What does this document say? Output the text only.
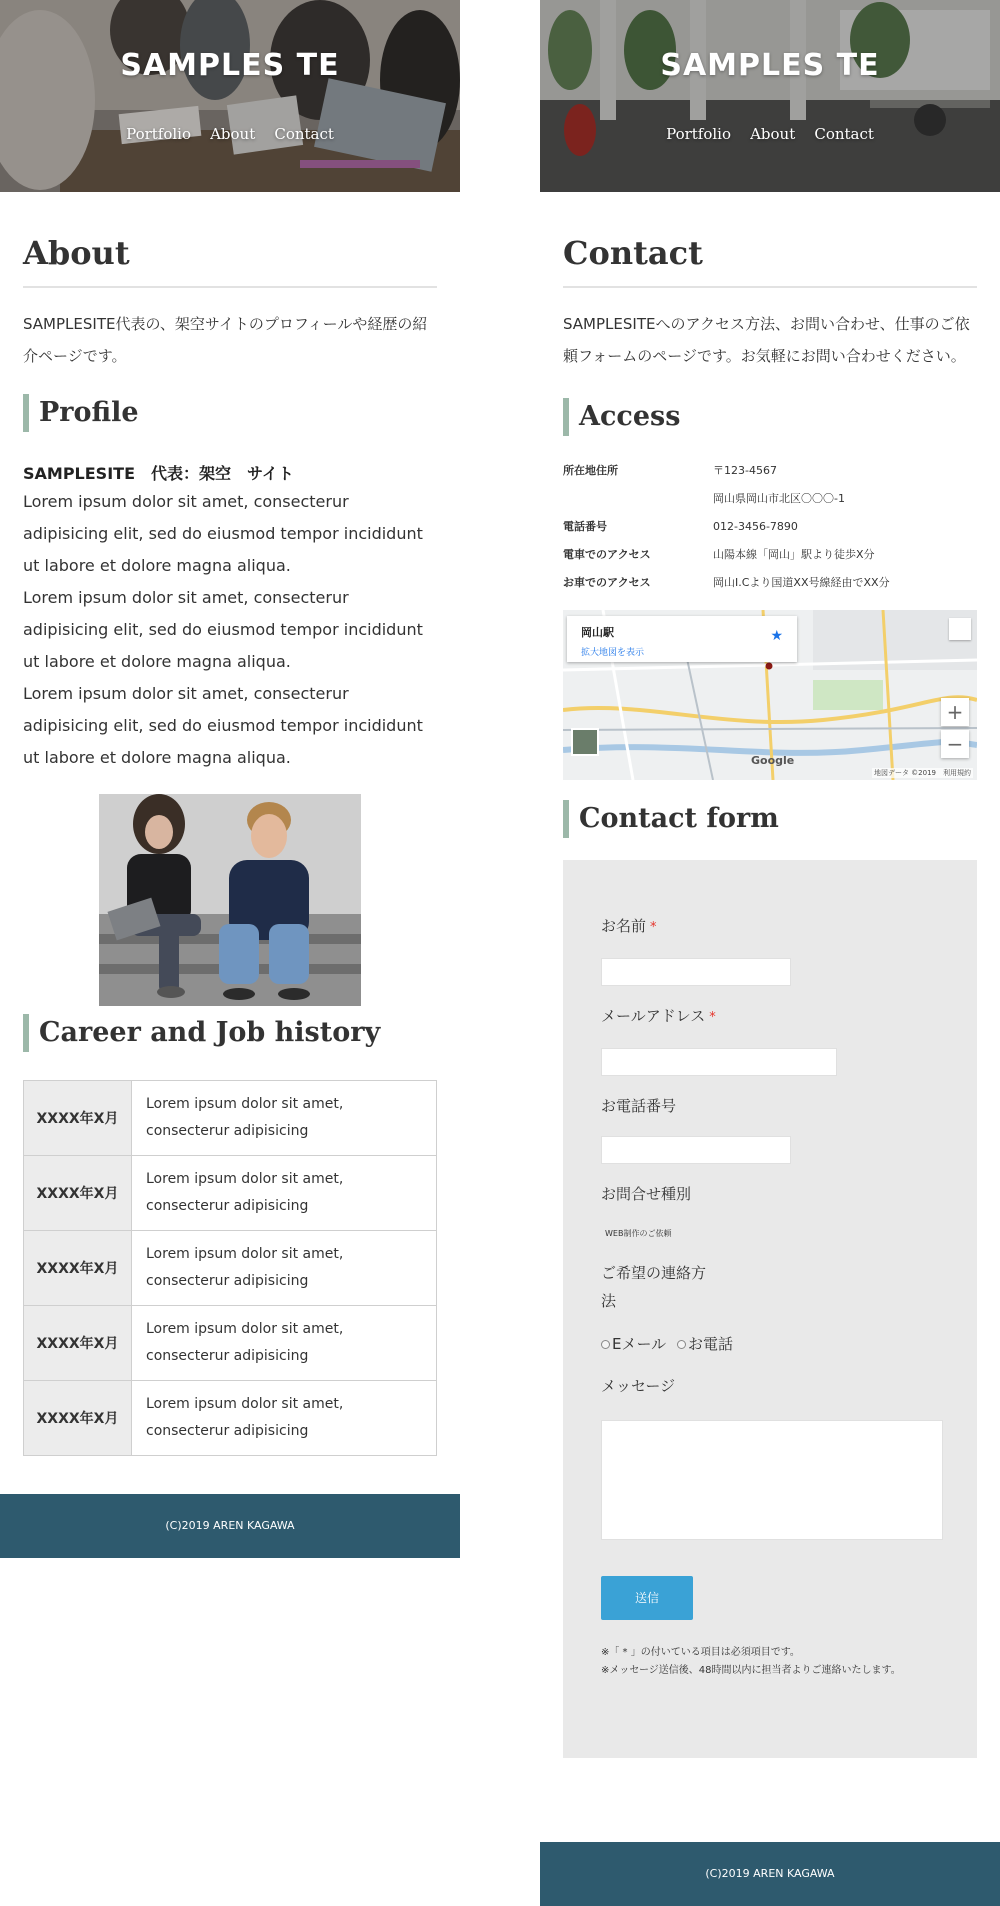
SAMPLES TE
Portfolio About Contact
About

SAMPLESITE代表の、架空サイトのプロフィールや経歴の紹介ページです。

Profile

SAMPLESITE　代表：架空　サイト

Lorem ipsum dolor sit amet, consecterur adipisicing elit, sed do eiusmod tempor incididunt ut labore et dolore magna aliqua.

Lorem ipsum dolor sit amet, consecterur adipisicing elit, sed do eiusmod tempor incididunt ut labore et dolore magna aliqua.

Lorem ipsum dolor sit amet, consecterur adipisicing elit, sed do eiusmod tempor incididunt ut labore et dolore magna aliqua.

Career and Job history
XXXX年X月	Lorem ipsum dolor sit amet, consecterur adipisicing
XXXX年X月	Lorem ipsum dolor sit amet, consecterur adipisicing
XXXX年X月	Lorem ipsum dolor sit amet, consecterur adipisicing
XXXX年X月	Lorem ipsum dolor sit amet, consecterur adipisicing
XXXX年X月	Lorem ipsum dolor sit amet, consecterur adipisicing
(C)2019 AREN KAGAWA
SAMPLES TE
Portfolio About Contact
Contact

SAMPLESITEへのアクセス方法、お問い合わせ、仕事のご依頼フォームのページです。お気軽にお問い合わせください。

Access
所在地住所	〒123-4567
	岡山県岡山市北区〇〇〇-1
電話番号	012-3456-7890
電車でのアクセス	山陽本線「岡山」駅より徒歩X分
お車でのアクセス	岡山I.Cより国道XX号線経由でXX分
岡山駅
拡大地図を表示
★
+
−
Google
地図データ ©2019　利用規約
Contact form
お名前 *
メールアドレス *
お電話番号
お問合せ種別
WEB制作のご依頼
ご希望の連絡方
法
Eメール お電話
メッセージ
送信
※「 * 」の付いている項目は必須項目です。
※メッセージ送信後、48時間以内に担当者よりご連絡いたします。
(C)2019 AREN KAGAWA
